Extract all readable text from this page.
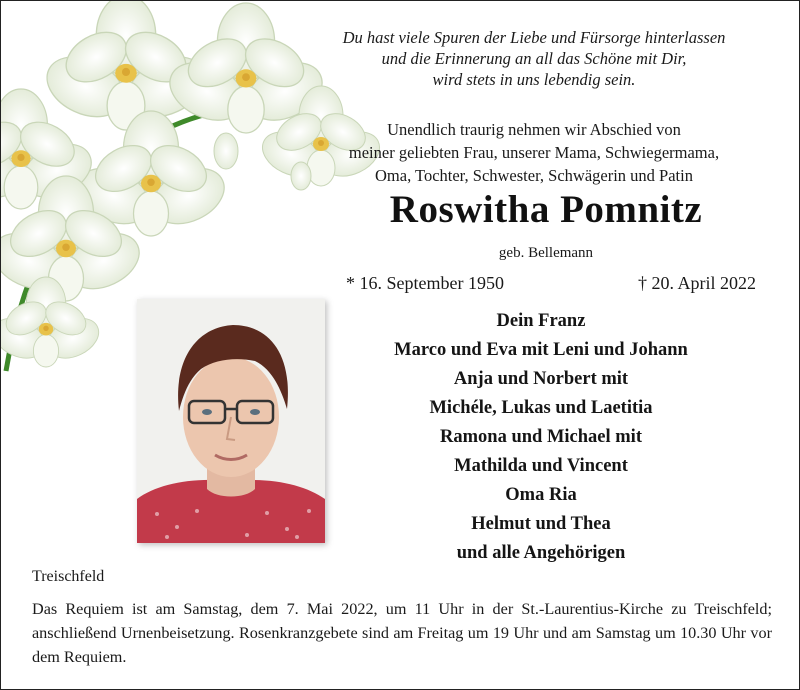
Du hast viele Spuren der Liebe und Fürsorge hinterlassen
und die Erinnerung an all das Schöne mit Dir,
wird stets in uns lebendig sein.
Unendlich traurig nehmen wir Abschied von
meiner geliebten Frau, unserer Mama, Schwiegermama,
Oma, Tochter, Schwester, Schwägerin und Patin
Roswitha Pomnitz
geb. Bellemann
* 16. September 1950	† 20. April 2022
Dein Franz
Marco und Eva mit Leni und Johann
Anja und Norbert mit
Michéle, Lukas und Laetitia
Ramona und Michael mit
Mathilda und Vincent
Oma Ria
Helmut und Thea
und alle Angehörigen
Treischfeld
Das Requiem ist am Samstag, dem 7. Mai 2022, um 11 Uhr in der St.-Laurentius-Kirche zu Treischfeld; anschließend Urnenbeisetzung. Rosenkranzgebete sind am Freitag um 19 Uhr und am Samstag um 10.30 Uhr vor dem Requiem.
